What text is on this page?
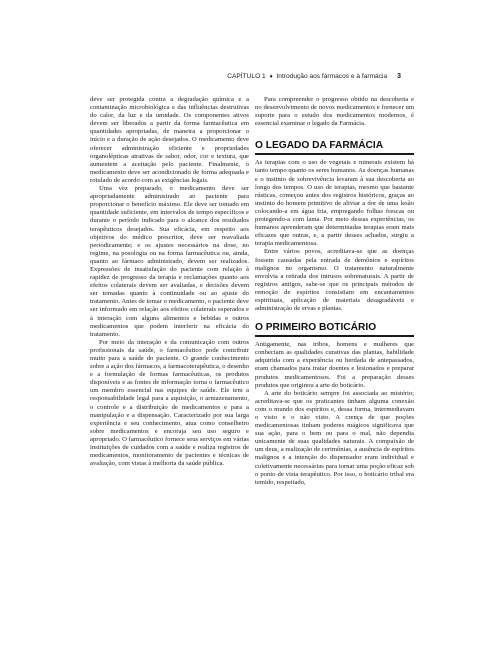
CAPÍTULO 1 ♦ Introdução aos fármacos e à farmácia 3

deve ser protegida contra a degradação química e a contaminação microbiológica e das influências destrutivas do calor, da luz e da umidade. Os componentes ativos devem ser liberados a partir da forma farmacêutica em quantidades apropriadas, de maneira a proporcionar o início e a duração de ação desejados. O medicamento deve oferecer administração eficiente e propriedades organolépticas atrativas de sabor, odor, cor e textura, que aumentem a aceitação pelo paciente. Finalmente, o medicamento deve ser acondicionado de forma adequada e rotulado de acordo com as exigências legais.

Uma vez preparado, o medicamento deve ser apropriadamente administrado ao paciente para proporcionar o benefício máximo. Ele deve ser tomado em quantidade suficiente, em intervalos de tempo específicos e durante o período indicado para o alcance dos resultados terapêuticos desejados. Sua eficácia, em respeito aos objetivos do médico prescritor, deve ser reavaliada periodicamente; e os ajustes necessários na dose, no regime, na posologia ou na forma farmacêutica ou, ainda, quanto ao fármaco administrado, devem ser realizados. Expressões de insatisfação do paciente com relação à rapidez de progresso da terapia e reclamações quanto aos efeitos colaterais devem ser avaliadas, e decisões devem ser tomadas quanto à continuidade ou ao ajuste do tratamento. Antes de tomar o medicamento, o paciente deve ser informado em relação aos efeitos colaterais esperados e à interação com alguns alimentos e bebidas e outros medicamentos que podem interferir na eficácia do tratamento.

Por meio da interação e da comunicação com outros profissionais da saúde, o farmacêutico pode contribuir muito para a saúde do paciente. O grande conhecimento sobre a ação dos fármacos, a farmacoterapêutica, o desenho e a formulação de formas farmacêuticas, os produtos disponíveis e as fontes de informação torna o farmacêutico um membro essencial nas equipes de saúde. Ele tem a responsabilidade legal para a aquisição, o armazenamento, o controle e a distribuição de medicamentos e para a manipulação e a dispensação. Caracterizado por sua larga experiência e seu conhecimento, atua como conselheiro sobre medicamentos e encoraja seu uso seguro e apropriado. O farmacêutico fornece seus serviços em várias instituições de cuidados com a saúde e realiza registros de medicamentos, monitoramento de pacientes e técnicas de avaliação, com vistas à melhoria da saúde pública.

Para compreender o progresso obtido na descoberta e no desenvolvimento de novos medicamentos e fornecer um suporte para o estudo dos medicamentos modernos, é essencial examinar o legado da Farmácia.

O LEGADO DA FARMÁCIA

As terapias com o uso de vegetais e minerais existem há tanto tempo quanto os seres humanos. As doenças humanas e o instinto de sobrevivência levaram à sua descoberta ao longo dos tempos. O uso de terapias, mesmo que bastante rústicas, começou antes dos registros históricos, graças ao instinto do homem primitivo de aliviar a dor de uma lesão colocando-a em água fria, empregando folhas frescas ou protegendo-a com lama. Por meio dessas experiências, os humanos aprenderam que determinadas terapias eram mais eficazes que outras, e, a partir desses achados, surgiu a terapia medicamentosa.

Entre vários povos, acreditava-se que as doenças fossem causadas pela entrada de demônios e espíritos malignos no organismo. O tratamento naturalmente envolvia a retirada dos intrusos sobrenaturais. A partir de registros antigos, sabe-se que os principais métodos de remoção de espíritos consistiam em encantamentos espirituais, aplicação de materiais desagradáveis e administração de ervas e plantas.

O PRIMEIRO BOTICÁRIO

Antigamente, nas tribos, homens e mulheres que conheciam as qualidades curativas das plantas, habilidade adquirida com a experiência ou herdada de antepassados, eram chamados para tratar doentes e lesionados e preparar produtos medicamentosos. Foi a preparação desses produtos que originou a arte do boticário.

A arte do boticário sempre foi associada ao mistério; acreditava-se que os praticantes tinham alguma conexão com o mundo dos espíritos e, dessa forma, intermediavam o visto e o não visto. A crença de que poções medicamentosas tinham poderes mágicos significava que sua ação, para o bem ou para o mal, não dependia unicamente de suas qualidades naturais. A compaixão de um deus, a realização de cerimônias, a ausência de espíritos malignos e a intenção do dispensador eram individual e coletivamente necessárias para tornar uma poção eficaz sob o ponto de vista terapêutico. Por isso, o boticário tribal era temido, respeitado,
